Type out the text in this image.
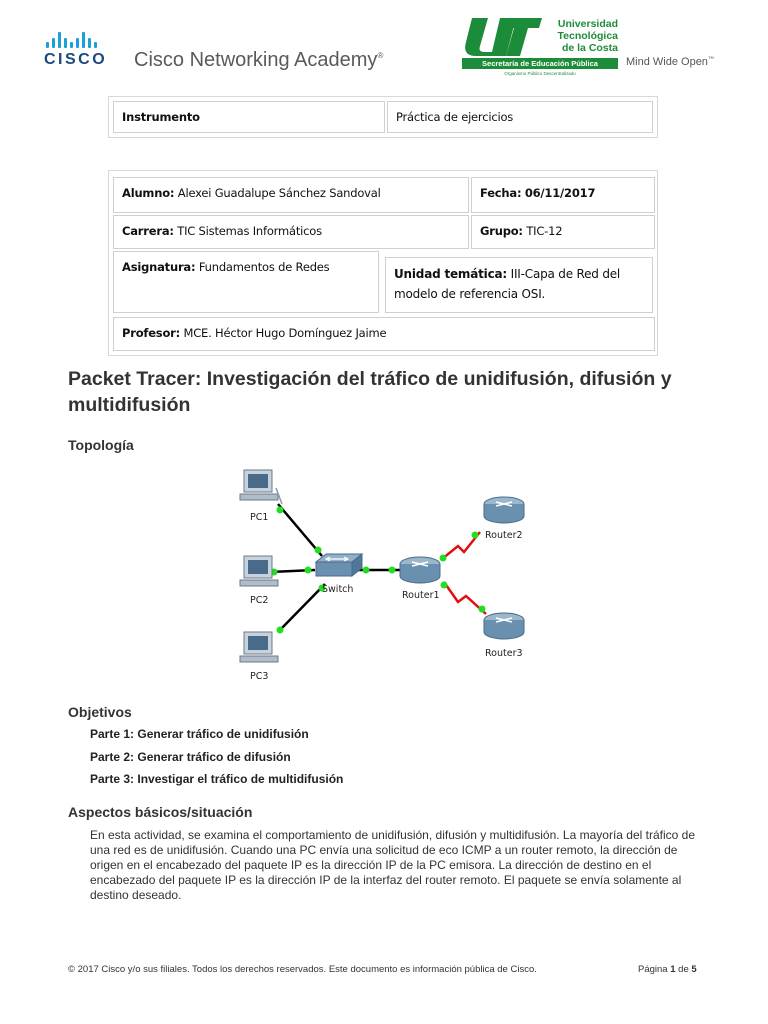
CISCO	Cisco Networking Academy®
Universidad
Tecnológica
de la Costa
Secretaría de Educación Pública
Organismo Público Descentralizado
Mind Wide Open™
Instrumento	Práctica de ejercicios
Alumno: Alexei Guadalupe Sánchez Sandoval	Fecha: 06/11/2017
Carrera: TIC Sistemas Informáticos	Grupo: TIC-12
Asignatura: Fundamentos de Redes	Unidad temática: III-Capa de Red del
modelo de referencia OSI.
Profesor: MCE. Héctor Hugo Domínguez Jaime
Packet Tracer: Investigación del tráfico de unidifusión, difusión y multidifusión
Topología
PC1
PC2
PC3
Switch
Router1
Router2
Router3
Objetivos
Parte 1: Generar tráfico de unidifusión
Parte 2: Generar tráfico de difusión
Parte 3: Investigar el tráfico de multidifusión
Aspectos básicos/situación
En esta actividad, se examina el comportamiento de unidifusión, difusión y multidifusión. La mayoría del tráfico de una red es de unidifusión. Cuando una PC envía una solicitud de eco ICMP a un router remoto, la dirección de origen en el encabezado del paquete IP es la dirección IP de la PC emisora. La dirección de destino en el encabezado del paquete IP es la dirección IP de la interfaz del router remoto. El paquete se envía solamente al destino deseado.
© 2017 Cisco y/o sus filiales. Todos los derechos reservados. Este documento es información pública de Cisco.	Página 1 de 5
